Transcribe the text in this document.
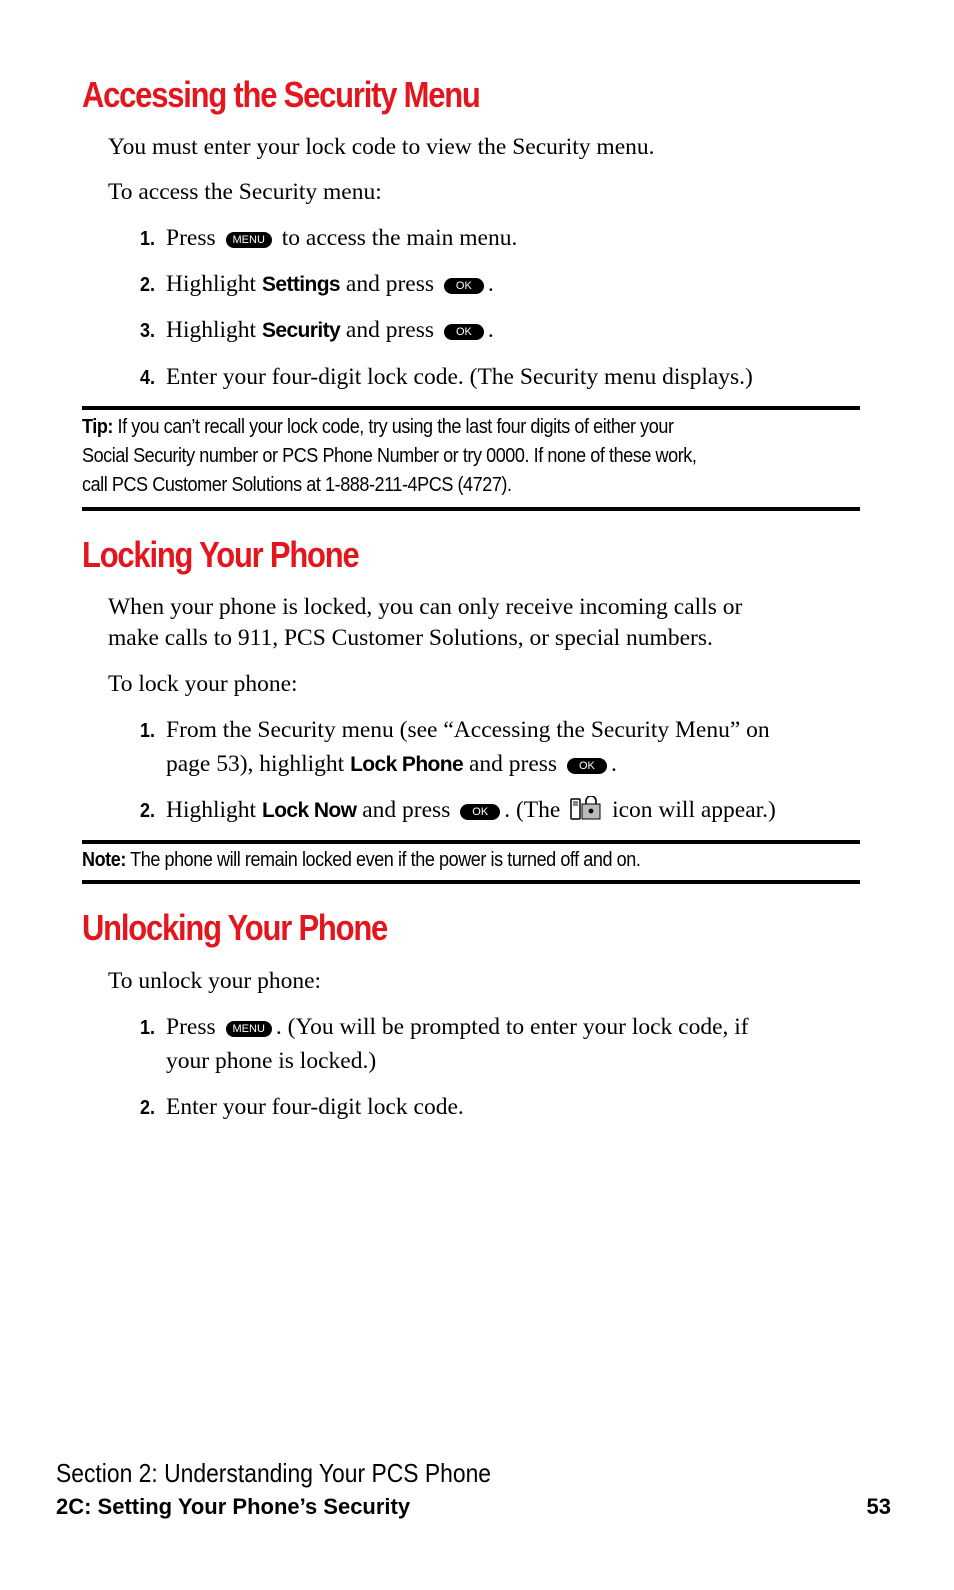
Accessing the Security Menu

You must enter your lock code to view the Security menu.

To access the Security menu:

1. Press MENU to access the main menu.

2. Highlight Settings and press OK .

3. Highlight Security and press OK .

4. Enter your four-digit lock code. (The Security menu displays.)

Tip: If you can’t recall your lock code, try using the last four digits of either your
Social Security number or PCS Phone Number or try 0000. If none of these work,
call PCS Customer Solutions at 1-888-211-4PCS (4727).

Locking Your Phone

When your phone is locked, you can only receive incoming calls or
make calls to 911, PCS Customer Solutions, or special numbers.

To lock your phone:

1. From the Security menu (see “Accessing the Security Menu” on
page 53), highlight Lock Phone and press OK .

2. Highlight Lock Now and press OK . (The icon will appear.)

Note: The phone will remain locked even if the power is turned off and on.

Unlocking Your Phone

To unlock your phone:

1. Press MENU . (You will be prompted to enter your lock code, if
your phone is locked.)

2. Enter your four-digit lock code.

Section 2: Understanding Your PCS Phone

2C: Setting Your Phone’s Security	53
